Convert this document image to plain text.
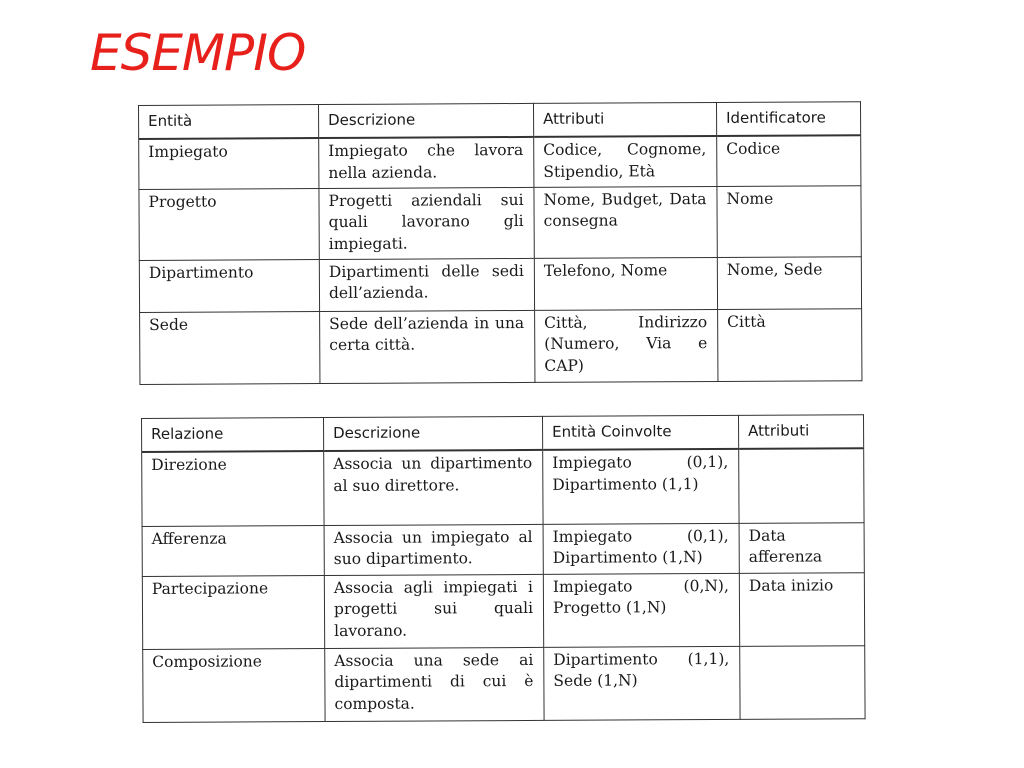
ESEMPIO
Entità	Descrizione	Attributi	Identificatore
Impiegato	Impiegato che lavora nella azienda.	Codice, Cognome, Stipendio, Età	Codice
Progetto	Progetti aziendali sui quali lavorano gli impiegati.	Nome, Budget, Data consegna	Nome
Dipartimento	Dipartimenti delle sedi dell’azienda.	Telefono, Nome	Nome, Sede
Sede	Sede dell’azienda in una certa città.	Città, Indirizzo (Numero, Via e CAP)	Città
Relazione	Descrizione	Entità Coinvolte	Attributi
Direzione	Associa un dipartimento al suo direttore.	Impiegato (0,1), Dipartimento (1,1)	
Afferenza	Associa un impiegato al suo dipartimento.	Impiegato (0,1), Dipartimento (1,N)	Data afferenza
Partecipazione	Associa agli impiegati i progetti sui quali lavorano.	Impiegato (0,N), Progetto (1,N)	Data inizio
Composizione	Associa una sede ai dipartimenti di cui è composta.	Dipartimento (1,1), Sede (1,N)	
